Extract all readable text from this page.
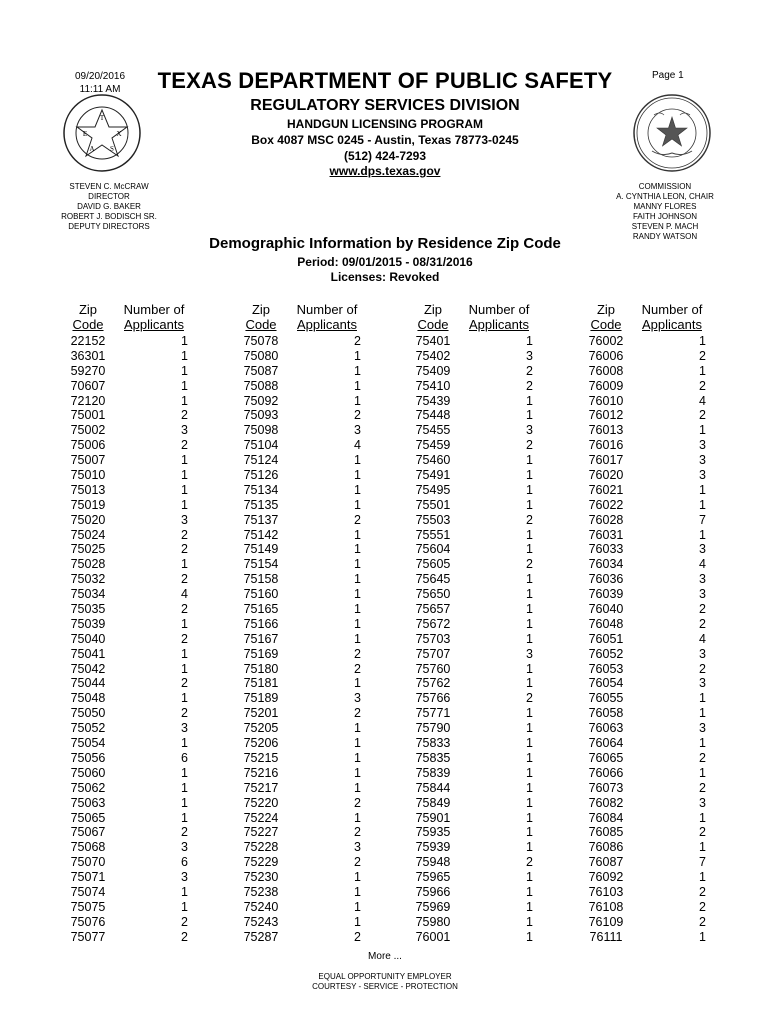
09/20/2016
11:11 AM
Page 1
TEXAS DEPARTMENT OF PUBLIC SAFETY
REGULATORY SERVICES DIVISION
HANDGUN LICENSING PROGRAM
Box 4087 MSC 0245 - Austin, Texas 78773-0245
(512) 424-7293
www.dps.texas.gov
T
E	X
A S
STEVEN C. McCRAW
DIRECTOR
DAVID G. BAKER
ROBERT J. BODISCH SR.
DEPUTY DIRECTORS
COMMISSION
A. CYNTHIA LEON, CHAIR
MANNY FLORES
FAITH JOHNSON
STEVEN P. MACH
RANDY WATSON
Demographic Information by Residence Zip Code
Period: 09/01/2015 - 08/31/2016
Licenses: Revoked
Zip
Code
Number of
Applicants
22152	1
36301	1
59270	1
70607	1
72120	1
75001	2
75002	3
75006	2
75007	1
75010	1
75013	1
75019	1
75020	3
75024	2
75025	2
75028	1
75032	2
75034	4
75035	2
75039	1
75040	2
75041	1
75042	1
75044	2
75048	1
75050	2
75052	3
75054	1
75056	6
75060	1
75062	1
75063	1
75065	1
75067	2
75068	3
75070	6
75071	3
75074	1
75075	1
75076	2
75077	2
Zip
Code
Number of
Applicants
75078	2
75080	1
75087	1
75088	1
75092	1
75093	2
75098	3
75104	4
75124	1
75126	1
75134	1
75135	1
75137	2
75142	1
75149	1
75154	1
75158	1
75160	1
75165	1
75166	1
75167	1
75169	2
75180	2
75181	1
75189	3
75201	2
75205	1
75206	1
75215	1
75216	1
75217	1
75220	2
75224	1
75227	2
75228	3
75229	2
75230	1
75238	1
75240	1
75243	1
75287	2
Zip
Code
Number of
Applicants
75401	1
75402	3
75409	2
75410	2
75439	1
75448	1
75455	3
75459	2
75460	1
75491	1
75495	1
75501	1
75503	2
75551	1
75604	1
75605	2
75645	1
75650	1
75657	1
75672	1
75703	1
75707	3
75760	1
75762	1
75766	2
75771	1
75790	1
75833	1
75835	1
75839	1
75844	1
75849	1
75901	1
75935	1
75939	1
75948	2
75965	1
75966	1
75969	1
75980	1
76001	1
Zip
Code
Number of
Applicants
76002	1
76006	2
76008	1
76009	2
76010	4
76012	2
76013	1
76016	3
76017	3
76020	3
76021	1
76022	1
76028	7
76031	1
76033	3
76034	4
76036	3
76039	3
76040	2
76048	2
76051	4
76052	3
76053	2
76054	3
76055	1
76058	1
76063	3
76064	1
76065	2
76066	1
76073	2
76082	3
76084	1
76085	2
76086	1
76087	7
76092	1
76103	2
76108	2
76109	2
76111	1
More ...
EQUAL OPPORTUNITY EMPLOYER
COURTESY - SERVICE - PROTECTION
